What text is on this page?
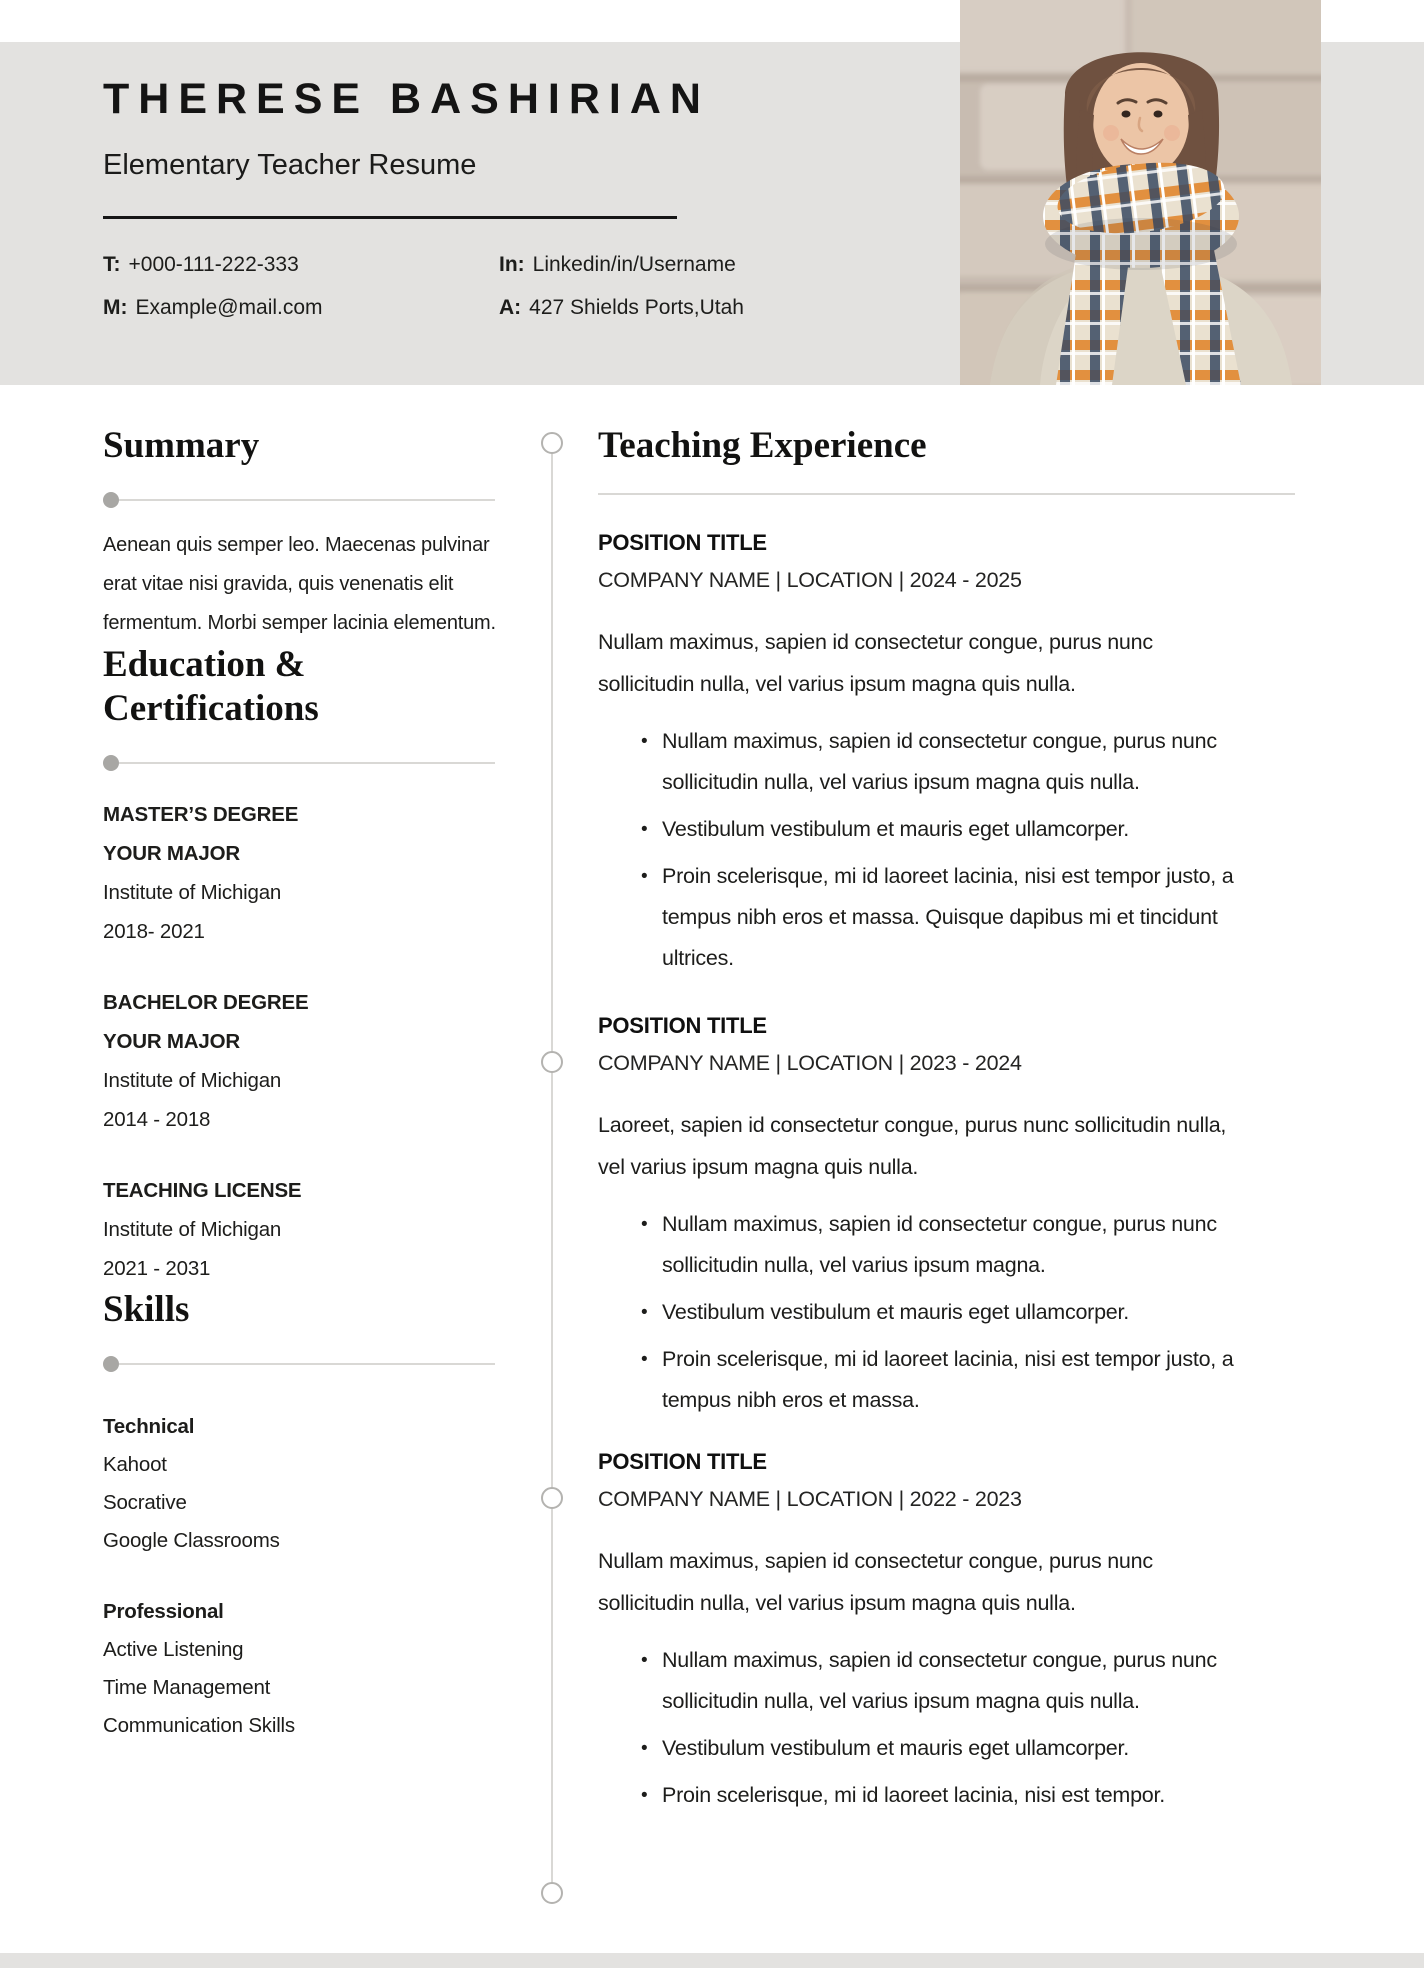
THERESE BASHIRIAN
Elementary Teacher Resume
T: +000-111-222-333	In: Linkedin/in/Username
M: Example@mail.com	A: 427 Shields Ports,Utah
Summary

Aenean quis semper leo. Maecenas pulvinar erat vitae nisi gravida, quis venenatis elit fermentum. Morbi semper lacinia elementum.

Education & Certifications
MASTER’S DEGREE
YOUR MAJOR
Institute of Michigan
2018- 2021
BACHELOR DEGREE
YOUR MAJOR
Institute of Michigan
2014 - 2018
TEACHING LICENSE
Institute of Michigan
2021 - 2031
Skills
Technical
Kahoot
Socrative
Google Classrooms
Professional
Active Listening
Time Management
Communication Skills
Teaching Experience
POSITION TITLE
COMPANY NAME | LOCATION | 2024 - 2025

Nullam maximus, sapien id consectetur congue, purus nunc sollicitudin nulla, vel varius ipsum magna quis nulla.

• Nullam maximus, sapien id consectetur congue, purus nunc sollicitudin nulla, vel varius ipsum magna quis nulla.
• Vestibulum vestibulum et mauris eget ullamcorper.
• Proin scelerisque, mi id laoreet lacinia, nisi est tempor justo, a tempus nibh eros et massa. Quisque dapibus mi et tincidunt ultrices.
POSITION TITLE
COMPANY NAME | LOCATION | 2023 - 2024

Laoreet, sapien id consectetur congue, purus nunc sollicitudin nulla, vel varius ipsum magna quis nulla.

• Nullam maximus, sapien id consectetur congue, purus nunc sollicitudin nulla, vel varius ipsum magna.
• Vestibulum vestibulum et mauris eget ullamcorper.
• Proin scelerisque, mi id laoreet lacinia, nisi est tempor justo, a tempus nibh eros et massa.
POSITION TITLE
COMPANY NAME | LOCATION | 2022 - 2023

Nullam maximus, sapien id consectetur congue, purus nunc sollicitudin nulla, vel varius ipsum magna quis nulla.

• Nullam maximus, sapien id consectetur congue, purus nunc sollicitudin nulla, vel varius ipsum magna quis nulla.
• Vestibulum vestibulum et mauris eget ullamcorper.
• Proin scelerisque, mi id laoreet lacinia, nisi est tempor.
